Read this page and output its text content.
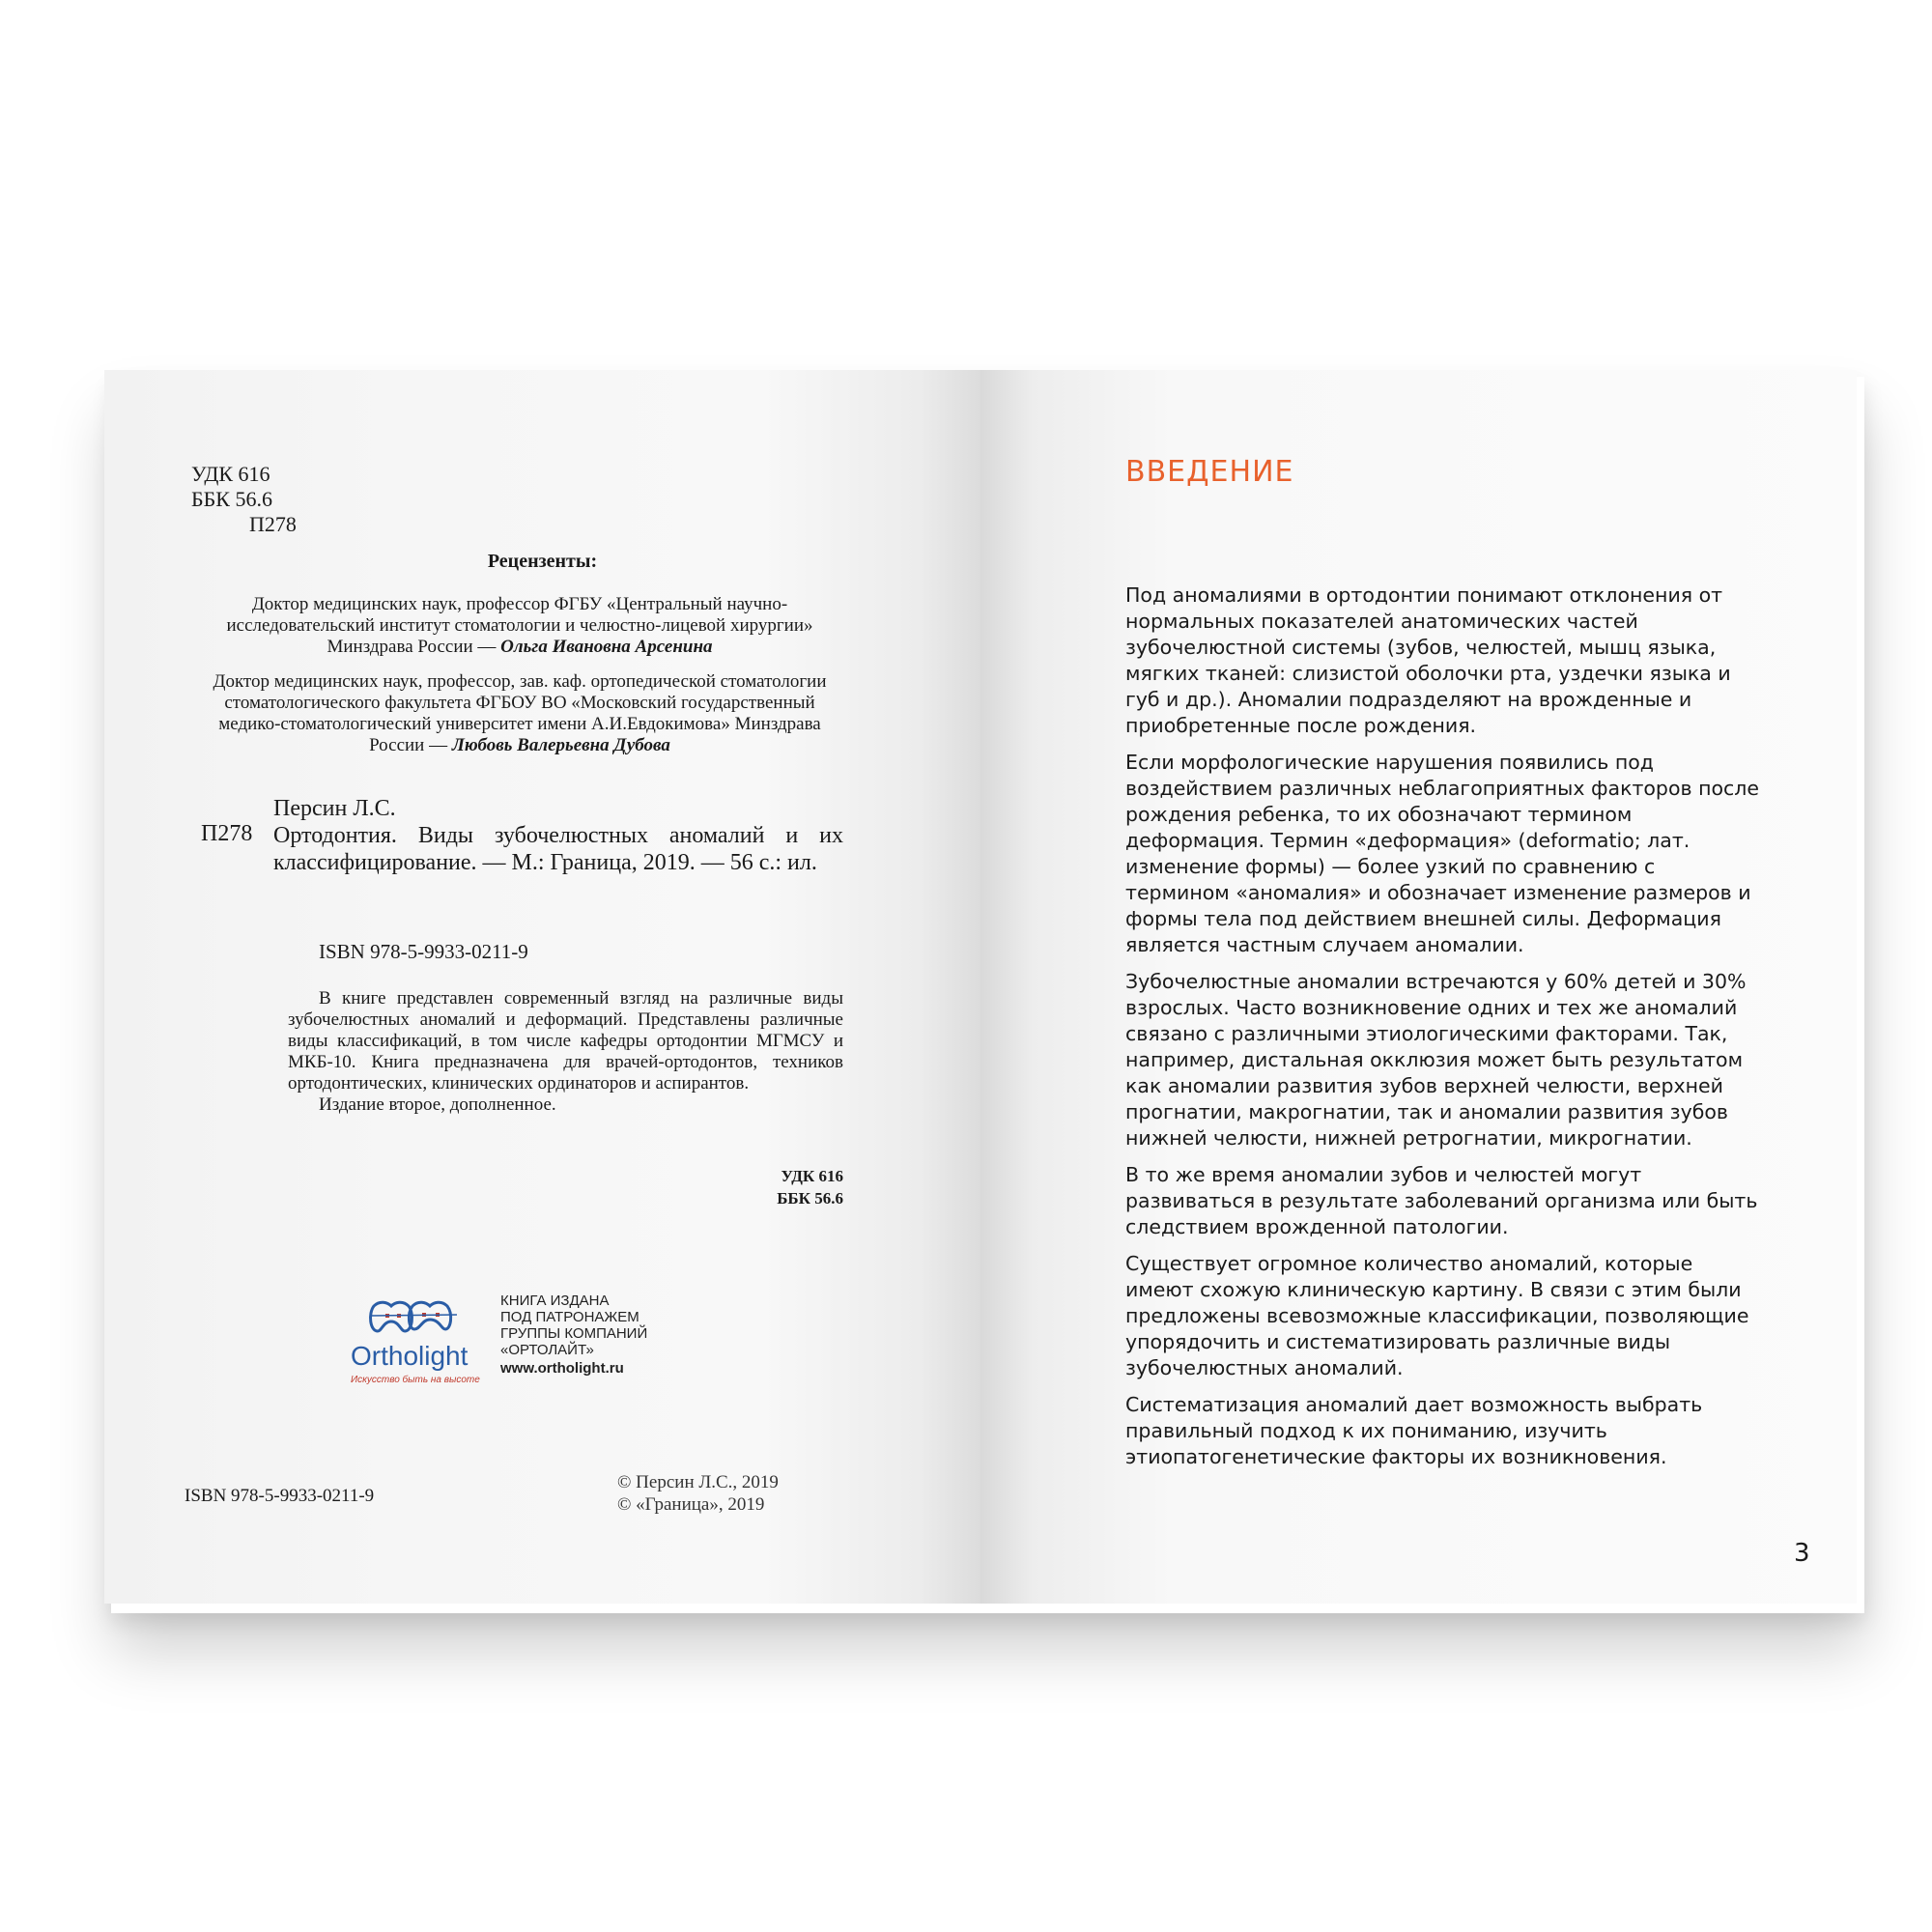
УДК 616
ББК 56.6
П278
Рецензенты:
Доктор медицинских наук, профессор ФГБУ «Центральный научно-исследовательский институт стоматологии и челюстно-лицевой хирургии» Минздрава России — Ольга Ивановна Арсенина
Доктор медицинских наук, профессор, зав. каф. ортопедической стоматологии стоматологического факультета ФГБОУ ВО «Московский государственный медико-стоматологический университет имени А.И.Евдокимова» Минздрава России — Любовь Валерьевна Дубова
П278
Персин Л.С.
Ортодонтия. Виды зубочелюстных аномалий и их классифицирование. — М.: Граница, 2019. — 56 с.: ил.
ISBN 978-5-9933-0211-9

В книге представлен современный взгляд на различные виды зубочелюстных аномалий и деформаций. Представлены различные виды классификаций, в том числе кафедры ортодонтии МГМСУ и МКБ-10. Книга предназначена для врачей-ортодонтов, техников ортодонтических, клинических ординаторов и аспирантов.

Издание второе, дополненное.

УДК 616
ББК 56.6
Ortholight
Искусство быть на высоте
КНИГА ИЗДАНА
ПОД ПАТРОНАЖЕМ
ГРУППЫ КОМПАНИЙ
«ОРТОЛАЙТ»
www.ortholight.ru
ISBN 978-5-9933-0211-9
© Персин Л.С., 2019
© «Граница», 2019
ВВЕДЕНИЕ

Под аномалиями в ортодонтии понимают отклонения от нормальных показателей анатомических частей зубочелюстной системы (зубов, челюстей, мышц языка, мягких тканей: слизистой оболочки рта, уздечки языка и губ и др.). Аномалии подразделяют на врожденные и приобретенные после рождения.

Если морфологические нарушения появились под воздействием различных неблагоприятных факторов после рождения ребенка, то их обозначают термином деформация. Термин «деформация» (deformatio; лат. изменение формы) — более узкий по сравнению с термином «аномалия» и обозначает изменение размеров и формы тела под действием внешней силы. Деформация является частным случаем аномалии.

Зубочелюстные аномалии встречаются у 60% детей и 30% взрослых. Часто возникновение одних и тех же аномалий связано с различными этиологическими факторами. Так, например, дистальная окклюзия может быть результатом как аномалии развития зубов верхней челюсти, верхней прогнатии, макрогнатии, так и аномалии развития зубов нижней челюсти, нижней ретрогнатии, микрогнатии.

В то же время аномалии зубов и челюстей могут развиваться в результате заболеваний организма или быть следствием врожденной патологии.

Существует огромное количество аномалий, которые имеют схожую клиническую картину. В связи с этим были предложены всевозможные классификации, позволяющие упорядочить и систематизировать различные виды зубочелюстных аномалий.

Систематизация аномалий дает возможность выбрать правильный подход к их пониманию, изучить этиопатогенетические факторы их возникновения.

3
